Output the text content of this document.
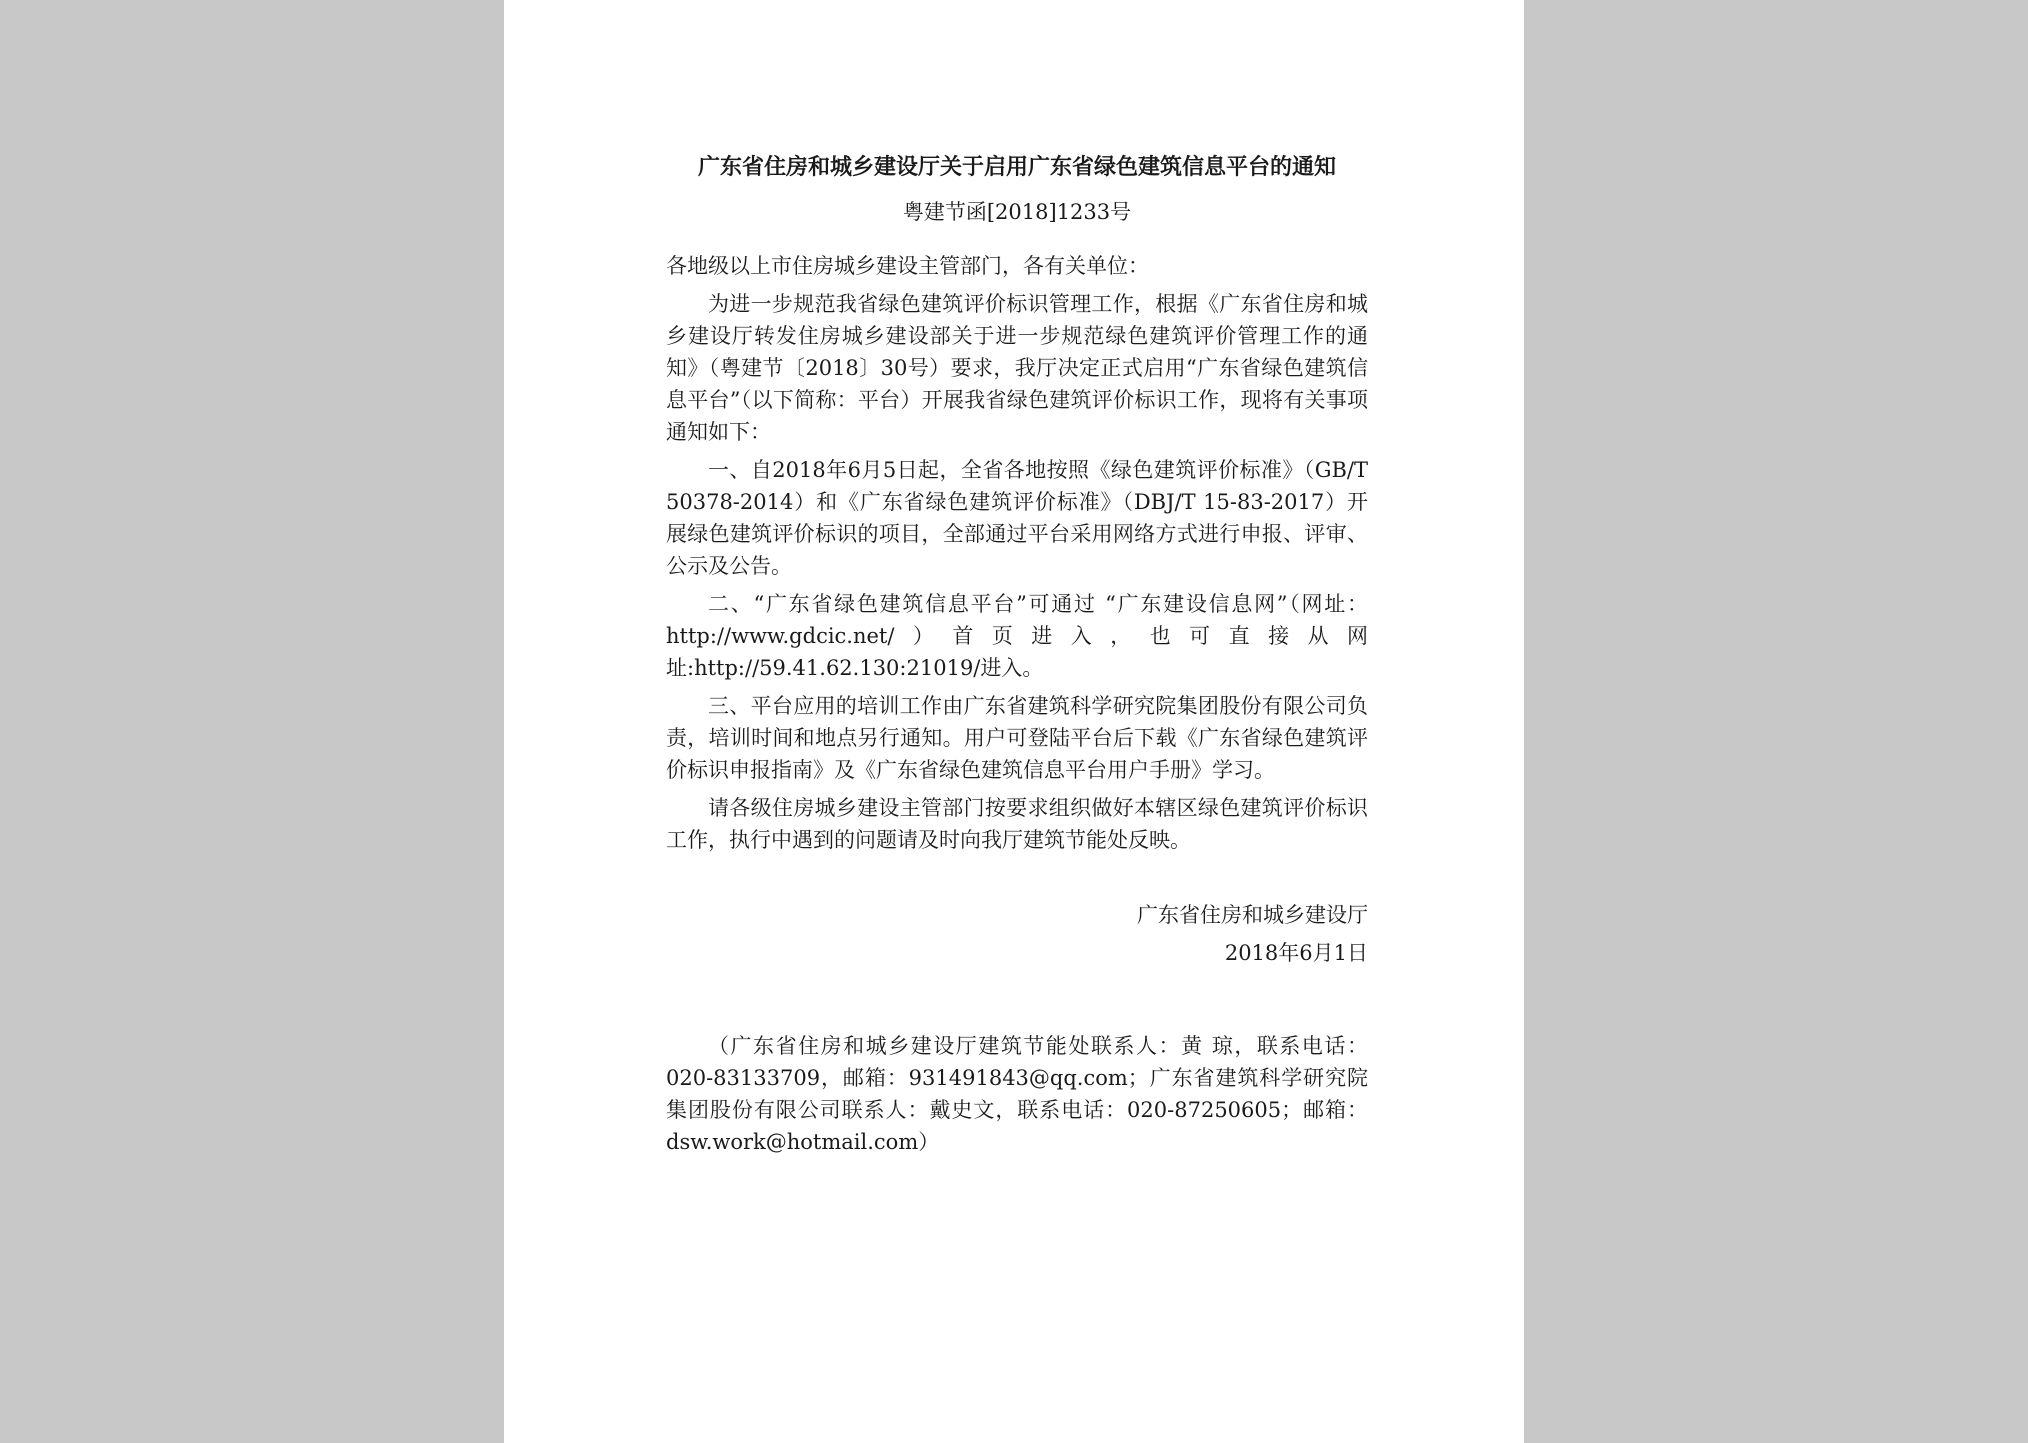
广东省住房和城乡建设厅关于启用广东省绿色建筑信息平台的通知
粤建节函[2018]1233号
各地级以上市住房城乡建设主管部门，各有关单位：

为进一步规范我省绿色建筑评价标识管理工作，根据《广东省住房和城乡建设厅转发住房城乡建设部关于进一步规范绿色建筑评价管理工作的通知》（粤建节〔2018〕30号）要求，我厅决定正式启用“广东省绿色建筑信息平台”（以下简称：平台）开展我省绿色建筑评价标识工作，现将有关事项通知如下：

一、自2018年6月5日起，全省各地按照《绿色建筑评价标准》（GB/T 50378-2014）和《广东省绿色建筑评价标准》（DBJ/T 15-83-2017）开展绿色建筑评价标识的项目，全部通过平台采用网络方式进行申报、评审、公示及公告。

二、“广东省绿色建筑信息平台”可通过 “广东建设信息网”（网址：http://www.gdcic.net/）首页进入，也可直接从网址:http://59.41.62.130:21019/进入。

三、平台应用的培训工作由广东省建筑科学研究院集团股份有限公司负责，培训时间和地点另行通知。用户可登陆平台后下载《广东省绿色建筑评价标识申报指南》及《广东省绿色建筑信息平台用户手册》学习。

请各级住房城乡建设主管部门按要求组织做好本辖区绿色建筑评价标识工作，执行中遇到的问题请及时向我厅建筑节能处反映。

广东省住房和城乡建设厅
2018年6月1日

（广东省住房和城乡建设厅建筑节能处联系人：黄 琼，联系电话：020-83133709，邮箱：931491843@qq.com；广东省建筑科学研究院集团股份有限公司联系人：戴史文，联系电话：020-87250605；邮箱：dsw.work@hotmail.com）
